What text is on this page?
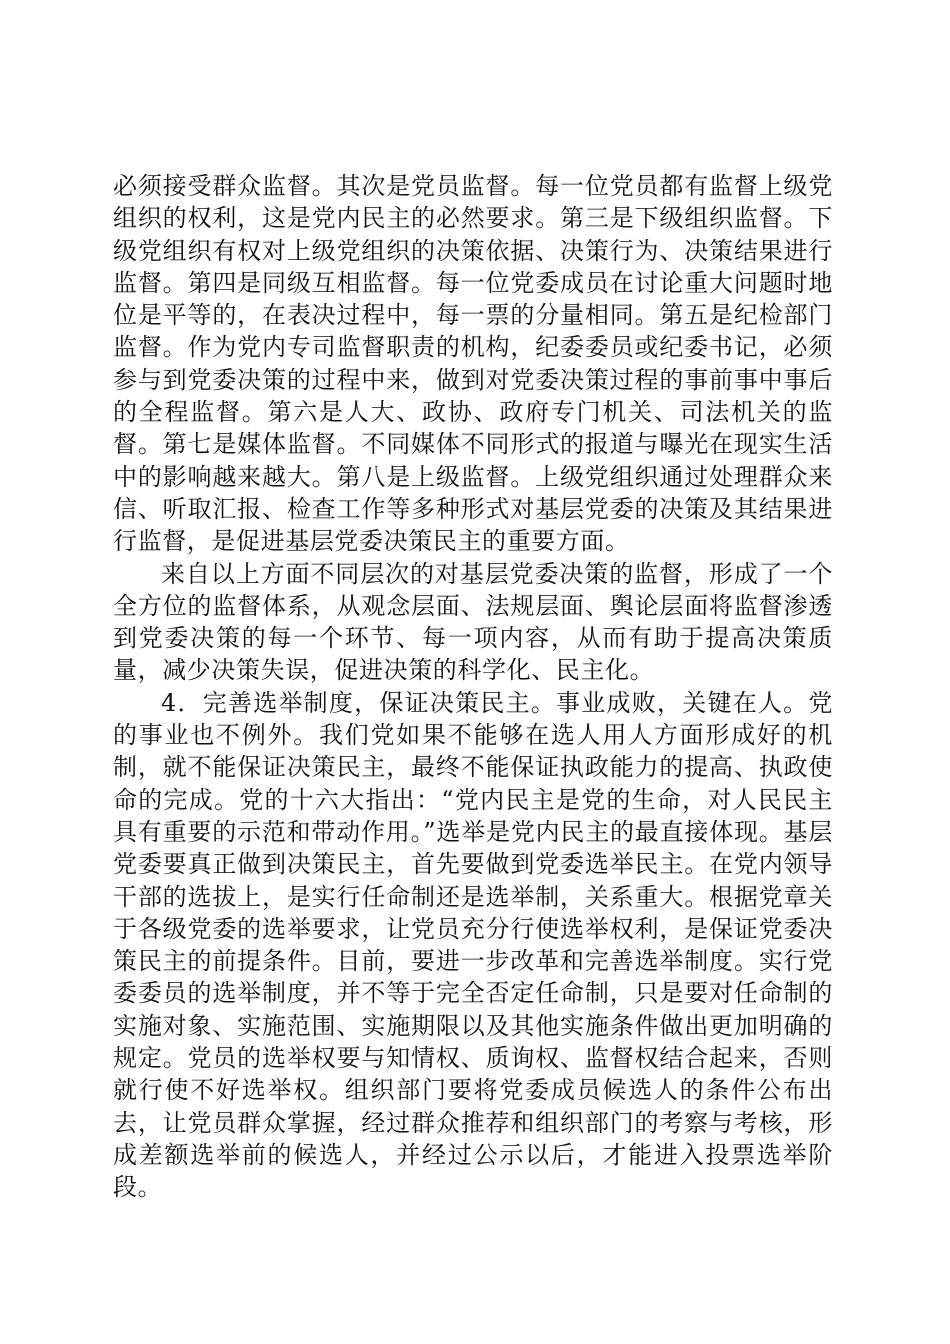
必须接受群众监督。其次是党员监督。每一位党员都有监督上级党组织的权利，这是党内民主的必然要求。第三是下级组织监督。下级党组织有权对上级党组织的决策依据、决策行为、决策结果进行监督。第四是同级互相监督。每一位党委成员在讨论重大问题时地位是平等的，在表决过程中，每一票的分量相同。第五是纪检部门监督。作为党内专司监督职责的机构，纪委委员或纪委书记，必须参与到党委决策的过程中来，做到对党委决策过程的事前事中事后的全程监督。第六是人大、政协、政府专门机关、司法机关的监督。第七是媒体监督。不同媒体不同形式的报道与曝光在现实生活中的影响越来越大。第八是上级监督。上级党组织通过处理群众来信、听取汇报、检查工作等多种形式对基层党委的决策及其结果进行监督，是促进基层党委决策民主的重要方面。

来自以上方面不同层次的对基层党委决策的监督，形成了一个全方位的监督体系，从观念层面、法规层面、舆论层面将监督渗透到党委决策的每一个环节、每一项内容，从而有助于提高决策质量，减少决策失误，促进决策的科学化、民主化。

4．完善选举制度，保证决策民主。事业成败，关键在人。党的事业也不例外。我们党如果不能够在选人用人方面形成好的机制，就不能保证决策民主，最终不能保证执政能力的提高、执政使命的完成。党的十六大指出：“党内民主是党的生命，对人民民主具有重要的示范和带动作用。”选举是党内民主的最直接体现。基层党委要真正做到决策民主，首先要做到党委选举民主。在党内领导干部的选拔上，是实行任命制还是选举制，关系重大。根据党章关于各级党委的选举要求，让党员充分行使选举权利，是保证党委决策民主的前提条件。目前，要进一步改革和完善选举制度。实行党委委员的选举制度，并不等于完全否定任命制，只是要对任命制的实施对象、实施范围、实施期限以及其他实施条件做出更加明确的规定。党员的选举权要与知情权、质询权、监督权结合起来，否则就行使不好选举权。组织部门要将党委成员候选人的条件公布出去，让党员群众掌握，经过群众推荐和组织部门的考察与考核，形成差额选举前的候选人，并经过公示以后，才能进入投票选举阶段。
